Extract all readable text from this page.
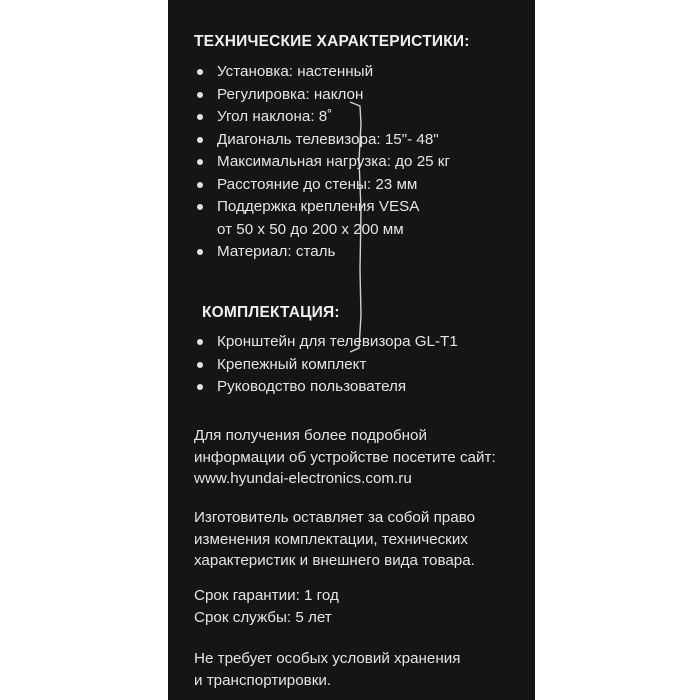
ТЕХНИЧЕСКИЕ ХАРАКТЕРИСТИКИ:
Установка: настенный
Регулировка: наклон
Угол наклона: 8˚
Диагональ телевизора: 15"- 48"
Максимальная нагрузка: до 25 кг
Расстояние до стены: 23 мм
Поддержка крепления VESA
от 50 х 50 до 200 х 200 мм
Материал: сталь
КОМПЛЕКТАЦИЯ:
Кронштейн для телевизора GL-T1
Крепежный комплект
Руководство пользователя
Для получения более подробной
информации об устройстве посетите сайт:
www.hyundai-electronics.com.ru
Изготовитель оставляет за собой право
изменения комплектации, технических
характеристик и внешнего вида товара.
Срок гарантии: 1 год
Срок службы: 5 лет
Не требует особых условий хранения
и транспортировки.
